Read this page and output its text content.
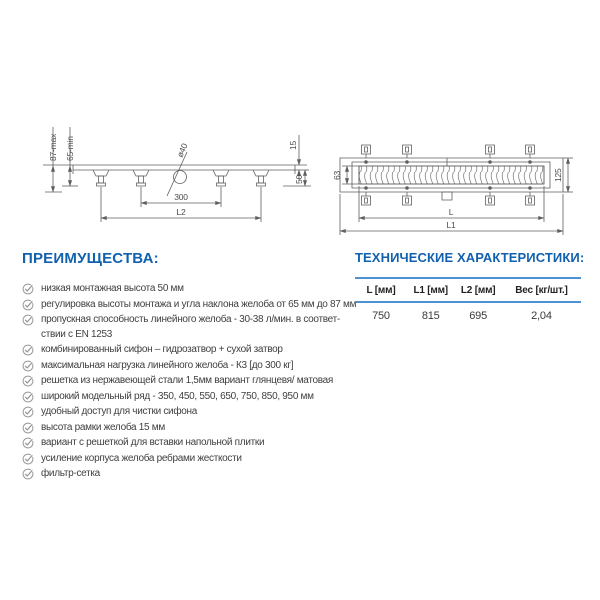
87-max 65-min	ø40	15
50
300
L2
63	125
L
L1
ПРЕИМУЩЕСТВА:
низкая монтажная высота 50 мм
регулировка высоты монтажа и угла наклона желоба от 65 мм до 87 мм
пропускная способность линейного желоба - 30-38 л/мин. в соответ-
ствии с EN 1253
комбинированный сифон – гидрозатвор + сухой затвор
максимальная нагрузка линейного желоба - К3 [до 300 кг]
решетка из нержавеющей стали 1,5мм вариант глянцевя/ матовая
широкий модельный ряд - 350, 450, 550, 650, 750, 850, 950 мм
удобный доступ для чистки сифона
высота рамки желоба 15 мм
вариант с решеткой для вставки напольной плитки
усиление корпуса желоба ребрами жесткости
фильтр-сетка
ТЕХНИЧЕСКИЕ ХАРАКТЕРИСТИКИ:
L [мм]	L1 [мм]	L2 [мм]	Вес [кг/шт.]
750	815	695	2,04
